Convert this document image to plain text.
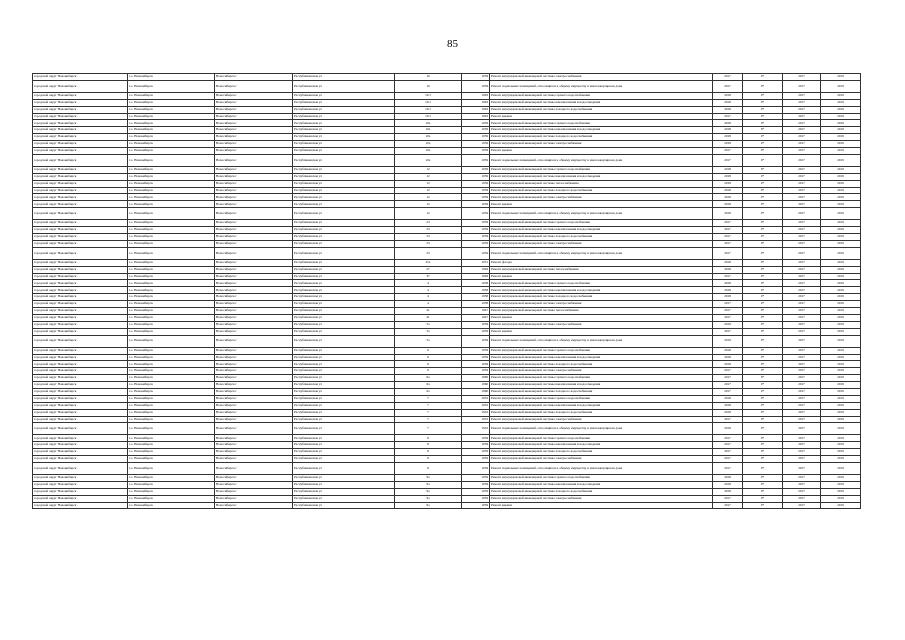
85
городской округ Новокибирск	г.о. Новокибирск	Новосибирск г	Республиканская ул	10	1959	Ремонт внутридомовой инженерной системы электроснабжения	2017	0*	2017	2019
городской округ Новокибирск	г.о. Новокибирск	Новосибирск г	Республиканская ул	10	1959	Ремонт подвальных помещений, относящихся к общему имуществу в многоквартирном доме	2017	0*	2017	2019
городской округ Новокибирск	г.о. Новокибирск	Новосибирск г	Республиканская ул	10/1	1963	Ремонт внутридомовой инженерной системы горячего водоснабжения	2018	0*	2017	2019
городской округ Новокибирск	г.о. Новокибирск	Новосибирск г	Республиканская ул	10/1	1963	Ремонт внутридомовой инженерной системы канализования и водоотведения	2018	0*	2017	2019
городской округ Новокибирск	г.о. Новокибирск	Новосибирск г	Республиканская ул	10/1	1963	Ремонт внутридомовой инженерной системы холодного водоснабжения	2018	0*	2017	2019
городской округ Новокибирск	г.о. Новокибирск	Новосибирск г	Республиканская ул	10/1	1963	Ремонт крыши	2017	0*	2017	2019
городской округ Новокибирск	г.о. Новокибирск	Новосибирск г	Республиканская ул	10а	1959	Ремонт внутридомовой инженерной системы горячего водоснабжения	2018	0*	2017	2019
городской округ Новокибирск	г.о. Новокибирск	Новосибирск г	Республиканская ул	10а	1959	Ремонт внутридомовой инженерной системы канализования и водоотведения	2018	0*	2017	2019
городской округ Новокибирск	г.о. Новокибирск	Новосибирск г	Республиканская ул	10а	1959	Ремонт внутридомовой инженерной системы холодного водоснабжения	2018	0*	2017	2019
городской округ Новокибирск	г.о. Новокибирск	Новосибирск г	Республиканская ул	10а	1959	Ремонт внутридомовой инженерной системы электроснабжения	2018	0*	2017	2019
городской округ Новокибирск	г.о. Новокибирск	Новосибирск г	Республиканская ул	10а	1959	Ремонт крыши	2017	0*	2017	2019
городской округ Новокибирск	г.о. Новокибирск	Новосибирск г	Республиканская ул	10а	1959	Ремонт подвальных помещений, относящихся к общему имуществу в многоквартирном доме	2017	0*	2017	2019
городской округ Новокибирск	г.о. Новокибирск	Новосибирск г	Республиканская ул	12	1959	Ремонт внутридомовой инженерной системы горячего водоснабжения	2018	0*	2017	2019
городской округ Новокибирск	г.о. Новокибирск	Новосибирск г	Республиканская ул	12	1959	Ремонт внутридомовой инженерной системы канализования и водоотведения	2018	0*	2017	2019
городской округ Новокибирск	г.о. Новокибирск	Новосибирск г	Республиканская ул	12	1959	Ремонт внутридомовой инженерной системы теплоснабжения	2018	0*	2017	2019
городской округ Новокибирск	г.о. Новокибирск	Новосибирск г	Республиканская ул	12	1959	Ремонт внутридомовой инженерной системы холодного водоснабжения	2018	0*	2017	2019
городской округ Новокибирск	г.о. Новокибирск	Новосибирск г	Республиканская ул	12	1959	Ремонт внутридомовой инженерной системы электроснабжения	2018	0*	2017	2019
городской округ Новокибирск	г.о. Новокибирск	Новосибирск г	Республиканская ул	12	1959	Ремонт крыши	2018	0*	2017	2019
городской округ Новокибирск	г.о. Новокибирск	Новосибирск г	Республиканская ул	12	1959	Ремонт подвальных помещений, относящихся к общему имуществу в многоквартирном доме	2018	0*	2017	2019
городской округ Новокибирск	г.о. Новокибирск	Новосибирск г	Республиканская ул	23	1959	Ремонт внутридомовой инженерной системы горячего водоснабжения	2017	0*	2017	2019
городской округ Новокибирск	г.о. Новокибирск	Новосибирск г	Республиканская ул	23	1959	Ремонт внутридомовой инженерной системы канализования и водоотведения	2017	0*	2017	2019
городской округ Новокибирск	г.о. Новокибирск	Новосибирск г	Республиканская ул	23	1959	Ремонт внутридомовой инженерной системы холодного водоснабжения	2017	0*	2017	2019
городской округ Новокибирск	г.о. Новокибирск	Новосибирск г	Республиканская ул	23	1959	Ремонт внутридомовой инженерной системы электроснабжения	2017	0*	2017	2019
городской округ Новокибирск	г.о. Новокибирск	Новосибирск г	Республиканская ул	23	1959	Ремонт подвальных помещений, относящихся к общему имуществу в многоквартирном доме	2017	0*	2017	2019
городской округ Новокибирск	г.о. Новокибирск	Новосибирск г	Республиканская ул	25а	1951	Ремонт фасада	2018	0*	2017	2019
городской округ Новокибирск	г.о. Новокибирск	Новосибирск г	Республиканская ул	27	1949	Ремонт внутридомовой инженерной системы теплоснабжения	2018	0*	2017	2019
городской округ Новокибирск	г.о. Новокибирск	Новосибирск г	Республиканская ул	37	1948	Ремонт крыши	2017	0*	2017	2019
городской округ Новокибирск	г.о. Новокибирск	Новосибирск г	Республиканская ул	4	1958	Ремонт внутридомовой инженерной системы горячего водоснабжения	2018	0*	2017	2019
городской округ Новокибирск	г.о. Новокибирск	Новосибирск г	Республиканская ул	4	1958	Ремонт внутридомовой инженерной системы канализования и водоотведения	2018	0*	2017	2019
городской округ Новокибирск	г.о. Новокибирск	Новосибирск г	Республиканская ул	4	1958	Ремонт внутридомовой инженерной системы холодного водоснабжения	2018	0*	2017	2019
городской округ Новокибирск	г.о. Новокибирск	Новосибирск г	Республиканская ул	4	1958	Ремонт внутридомовой инженерной системы электроснабжения	2017	0*	2017	2019
городской округ Новокибирск	г.о. Новокибирск	Новосибирск г	Республиканская ул	41	1947	Ремонт внутридомовой инженерной системы теплоснабжения	2017	0*	2017	2019
городской округ Новокибирск	г.о. Новокибирск	Новосибирск г	Республиканская ул	41	1947	Ремонт крыши	2017	0*	2017	2019
городской округ Новокибирск	г.о. Новокибирск	Новосибирск г	Республиканская ул	5а	1959	Ремонт внутридомовой инженерной системы электроснабжения	2019	0*	2017	2019
городской округ Новокибирск	г.о. Новокибирск	Новосибирск г	Республиканская ул	5а	1959	Ремонт крыши	2017	0*	2017	2019
городской округ Новокибирск	г.о. Новокибирск	Новосибирск г	Республиканская ул	5а	1959	Ремонт подвальных помещений, относящихся к общему имуществу в многоквартирном доме	2019	0*	2017	2019
городской округ Новокибирск	г.о. Новокибирск	Новосибирск г	Республиканская ул	6	1959	Ремонт внутридомовой инженерной системы горячего водоснабжения	2018	0*	2017	2019
городской округ Новокибирск	г.о. Новокибирск	Новосибирск г	Республиканская ул	6	1959	Ремонт внутридомовой инженерной системы канализования и водоотведения	2018	0*	2017	2019
городской округ Новокибирск	г.о. Новокибирск	Новосибирск г	Республиканская ул	6	1959	Ремонт внутридомовой инженерной системы холодного водоснабжения	2018	0*	2017	2019
городской округ Новокибирск	г.о. Новокибирск	Новосибирск г	Республиканская ул	6	1959	Ремонт внутридомовой инженерной системы электроснабжения	2017	0*	2017	2019
городской округ Новокибирск	г.о. Новокибирск	Новосибирск г	Республиканская ул	6а	1960	Ремонт внутридомовой инженерной системы горячего водоснабжения	2017	0*	2017	2019
городской округ Новокибирск	г.о. Новокибирск	Новосибирск г	Республиканская ул	6а	1960	Ремонт внутридомовой инженерной системы канализования и водоотведения	2017	0*	2017	2019
городской округ Новокибирск	г.о. Новокибирск	Новосибирск г	Республиканская ул	6а	1960	Ремонт внутридомовой инженерной системы холодного водоснабжения	2017	0*	2017	2019
городской округ Новокибирск	г.о. Новокибирск	Новосибирск г	Республиканская ул	7	1932	Ремонт внутридомовой инженерной системы горячего водоснабжения	2018	0*	2017	2019
городской округ Новокибирск	г.о. Новокибирск	Новосибирск г	Республиканская ул	7	1932	Ремонт внутридомовой инженерной системы канализования и водоотведения	2018	0*	2017	2019
городской округ Новокибирск	г.о. Новокибирск	Новосибирск г	Республиканская ул	7	1932	Ремонт внутридомовой инженерной системы холодного водоснабжения	2018	0*	2017	2019
городской округ Новокибирск	г.о. Новокибирск	Новосибирск г	Республиканская ул	7	1932	Ремонт внутридомовой инженерной системы электроснабжения	2017	0*	2017	2019
городской округ Новокибирск	г.о. Новокибирск	Новосибирск г	Республиканская ул	7	1932	Ремонт подвальных помещений, относящихся к общему имуществу в многоквартирном доме	2018	0*	2017	2019
городской округ Новокибирск	г.о. Новокибирск	Новосибирск г	Республиканская ул	8	1959	Ремонт внутридомовой инженерной системы горячего водоснабжения	2017	0*	2017	2019
городской округ Новокибирск	г.о. Новокибирск	Новосибирск г	Республиканская ул	8	1959	Ремонт внутридомовой инженерной системы канализования и водоотведения	2017	0*	2017	2019
городской округ Новокибирск	г.о. Новокибирск	Новосибирск г	Республиканская ул	8	1959	Ремонт внутридомовой инженерной системы холодного водоснабжения	2017	0*	2017	2019
городской округ Новокибирск	г.о. Новокибирск	Новосибирск г	Республиканская ул	8	1959	Ремонт внутридомовой инженерной системы электроснабжения	2017	0*	2017	2019
городской округ Новокибирск	г.о. Новокибирск	Новосибирск г	Республиканская ул	8	1959	Ремонт подвальных помещений, относящихся к общему имуществу в многоквартирном доме	2017	0*	2017	2019
городской округ Новокибирск	г.о. Новокибирск	Новосибирск г	Республиканская ул	9а	1959	Ремонт внутридомовой инженерной системы горячего водоснабжения	2018	0*	2017	2019
городской округ Новокибирск	г.о. Новокибирск	Новосибирск г	Республиканская ул	9а	1959	Ремонт внутридомовой инженерной системы канализования и водоотведения	2018	0*	2017	2019
городской округ Новокибирск	г.о. Новокибирск	Новосибирск г	Республиканская ул	9а	1959	Ремонт внутридомовой инженерной системы холодного водоснабжения	2018	0*	2017	2019
городской округ Новокибирск	г.о. Новокибирск	Новосибирск г	Республиканская ул	9а	1959	Ремонт внутридомовой инженерной системы электроснабжения	2017	0*	2017	2019
городской округ Новокибирск	г.о. Новокибирск	Новосибирск г	Республиканская ул	9а	1959	Ремонт крыши	2017	0*	2017	2019
